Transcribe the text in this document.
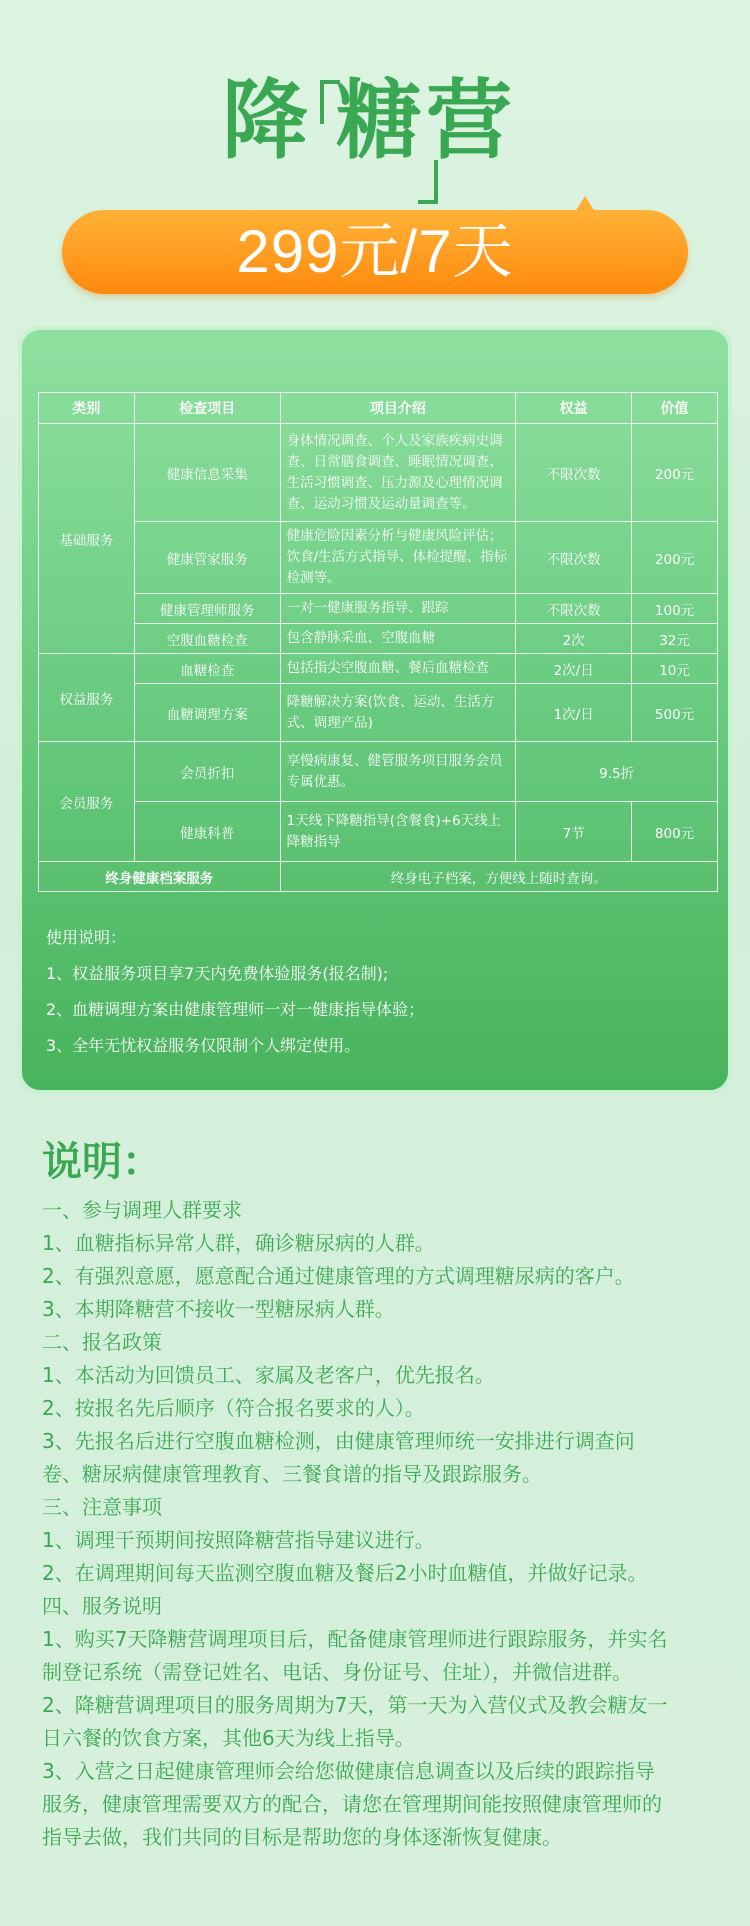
降 糖 营
299元/7天
类别	检查项目	项目介绍	权益	价值
基础服务	健康信息采集	身体情况调查、个人及家族疾病史调查、日常膳食调查、睡眠情况调查、生活习惯调查、压力源及心理情况调查、运动习惯及运动量调查等。	不限次数	200元
	健康管家服务	健康危险因素分析与健康风险评估；饮食/生活方式指导、体检提醒、指标检测等。	不限次数	200元
	健康管理师服务	一对一健康服务指导、跟踪	不限次数	100元
	空腹血糖检查	包含静脉采血、空腹血糖	2次	32元
权益服务	血糖检查	包括指尖空腹血糖、餐后血糖检查	2次/日	10元
	血糖调理方案	降糖解决方案(饮食、运动、生活方式、调理产品)	1次/日	500元
会员服务	会员折扣	享慢病康复、健管服务项目服务会员专属优惠。	9.5折	
	健康科普	1天线下降糖指导(含餐食)+6天线上降糖指导	7节	800元
终身健康档案服务		终身电子档案，方便线上随时查询。		
使用说明：
1、权益服务项目享7天内免费体验服务(报名制);
2、血糖调理方案由健康管理师一对一健康指导体验；
3、全年无忧权益服务仅限制个人绑定使用。
说明：
一、参与调理人群要求
1、血糖指标异常人群，确诊糖尿病的人群。
2、有强烈意愿，愿意配合通过健康管理的方式调理糖尿病的客户。
3、本期降糖营不接收一型糖尿病人群。
二、报名政策
1、本活动为回馈员工、家属及老客户，优先报名。
2、按报名先后顺序（符合报名要求的人）。
3、先报名后进行空腹血糖检测，由健康管理师统一安排进行调查问
卷、糖尿病健康管理教育、三餐食谱的指导及跟踪服务。
三、注意事项
1、调理干预期间按照降糖营指导建议进行。
2、在调理期间每天监测空腹血糖及餐后2小时血糖值，并做好记录。
四、服务说明
1、购买7天降糖营调理项目后，配备健康管理师进行跟踪服务，并实名
制登记系统（需登记姓名、电话、身份证号、住址），并微信进群。
2、降糖营调理项目的服务周期为7天，第一天为入营仪式及教会糖友一
日六餐的饮食方案，其他6天为线上指导。
3、入营之日起健康管理师会给您做健康信息调查以及后续的跟踪指导
服务，健康管理需要双方的配合，请您在管理期间能按照健康管理师的
指导去做，我们共同的目标是帮助您的身体逐渐恢复健康。
